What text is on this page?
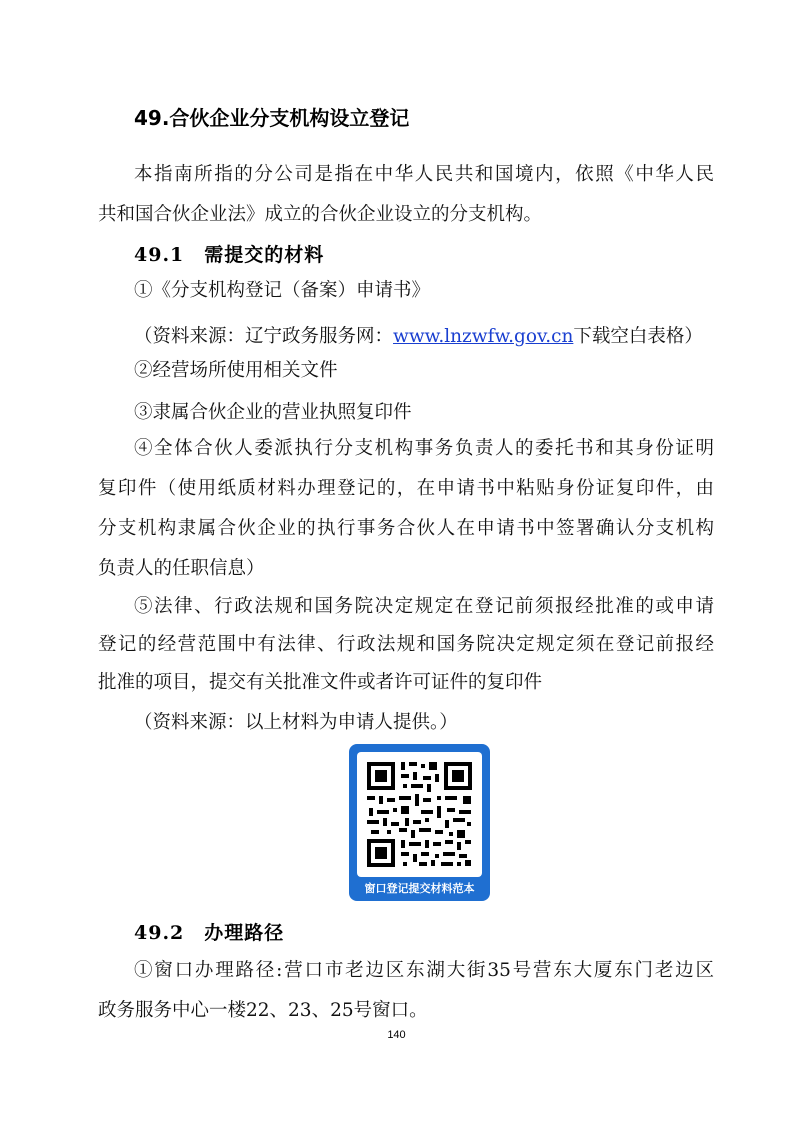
49.合伙企业分支机构设立登记
本指南所指的分公司是指在中华人民共和国境内，依照《中华人民
共和国合伙企业法》成立的合伙企业设立的分支机构。
49.1　需提交的材料
①《分支机构登记（备案）申请书》
（资料来源：辽宁政务服务网：www.lnzwfw.gov.cn下载空白表格）
②经营场所使用相关文件
③隶属合伙企业的营业执照复印件
④全体合伙人委派执行分支机构事务负责人的委托书和其身份证明
复印件（使用纸质材料办理登记的，在申请书中粘贴身份证复印件，由
分支机构隶属合伙企业的执行事务合伙人在申请书中签署确认分支机构
负责人的任职信息）
⑤法律、行政法规和国务院决定规定在登记前须报经批准的或申请
登记的经营范围中有法律、行政法规和国务院决定规定须在登记前报经
批准的项目，提交有关批准文件或者许可证件的复印件
（资料来源：以上材料为申请人提供。）
窗口登记提交材料范本
49.2　办理路径
①窗口办理路径:营口市老边区东湖大街35号营东大厦东门老边区
政务服务中心一楼22、23、25号窗口。
140
